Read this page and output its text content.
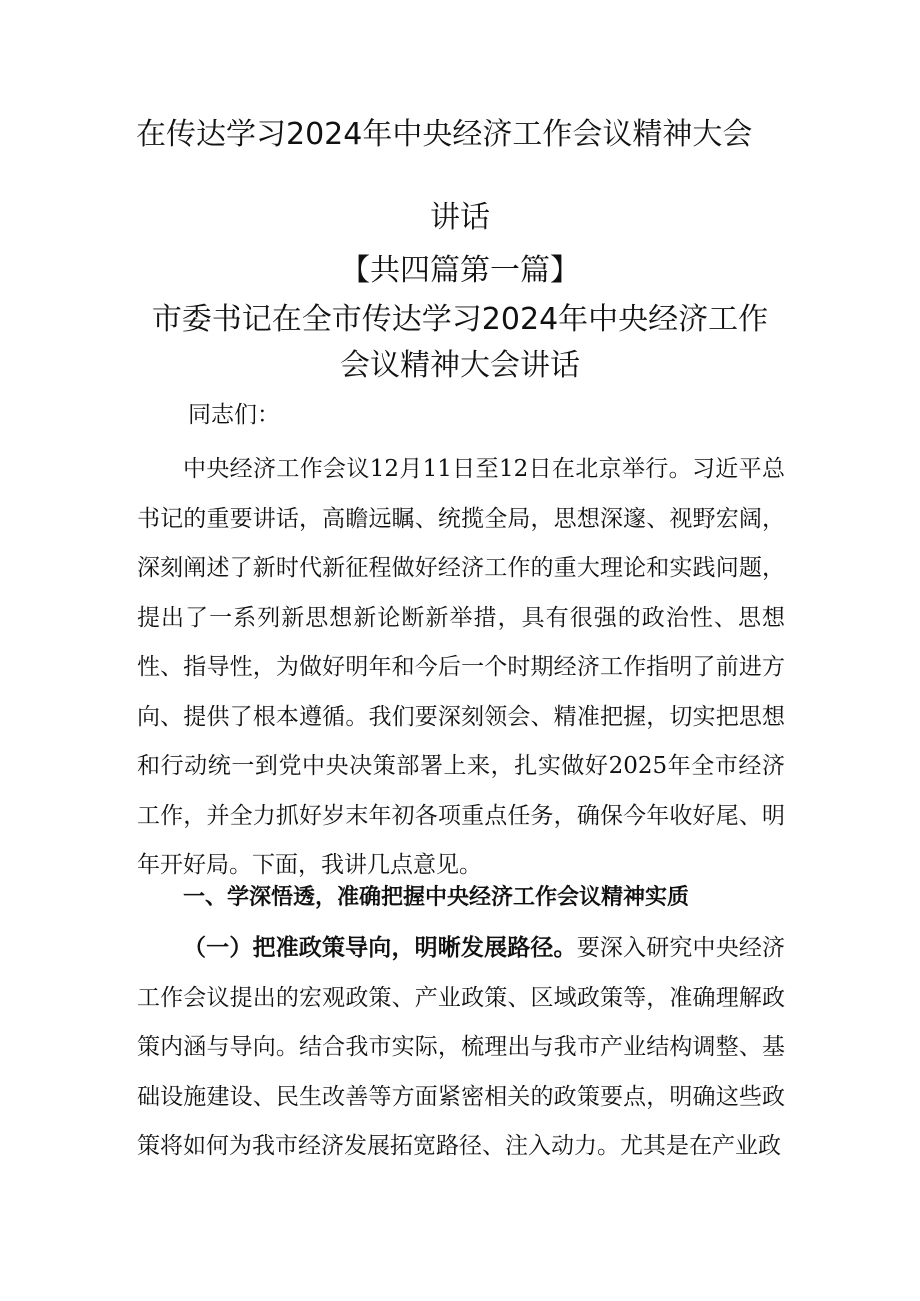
在传达学习2024年中央经济工作会议精神大会
讲话
【共四篇第一篇】
市委书记在全市传达学习2024年中央经济工作
会议精神大会讲话
同志们：

中央经济工作会议12月11日至12日在北京举行。习近平总书记的重要讲话，高瞻远瞩、统揽全局，思想深邃、视野宏阔，深刻阐述了新时代新征程做好经济工作的重大理论和实践问题，提出了一系列新思想新论断新举措，具有很强的政治性、思想性、指导性，为做好明年和今后一个时期经济工作指明了前进方向、提供了根本遵循。我们要深刻领会、精准把握，切实把思想和行动统一到党中央决策部署上来，扎实做好2025年全市经济工作，并全力抓好岁末年初各项重点任务，确保今年收好尾、明年开好局。下面，我讲几点意见。

一、学深悟透，准确把握中央经济工作会议精神实质

（一）把准政策导向，明晰发展路径。要深入研究中央经济工作会议提出的宏观政策、产业政策、区域政策等，准确理解政策内涵与导向。结合我市实际，梳理出与我市产业结构调整、基础设施建设、民生改善等方面紧密相关的政策要点，明确这些政策将如何为我市经济发展拓宽路径、注入动力。尤其是在产业政
